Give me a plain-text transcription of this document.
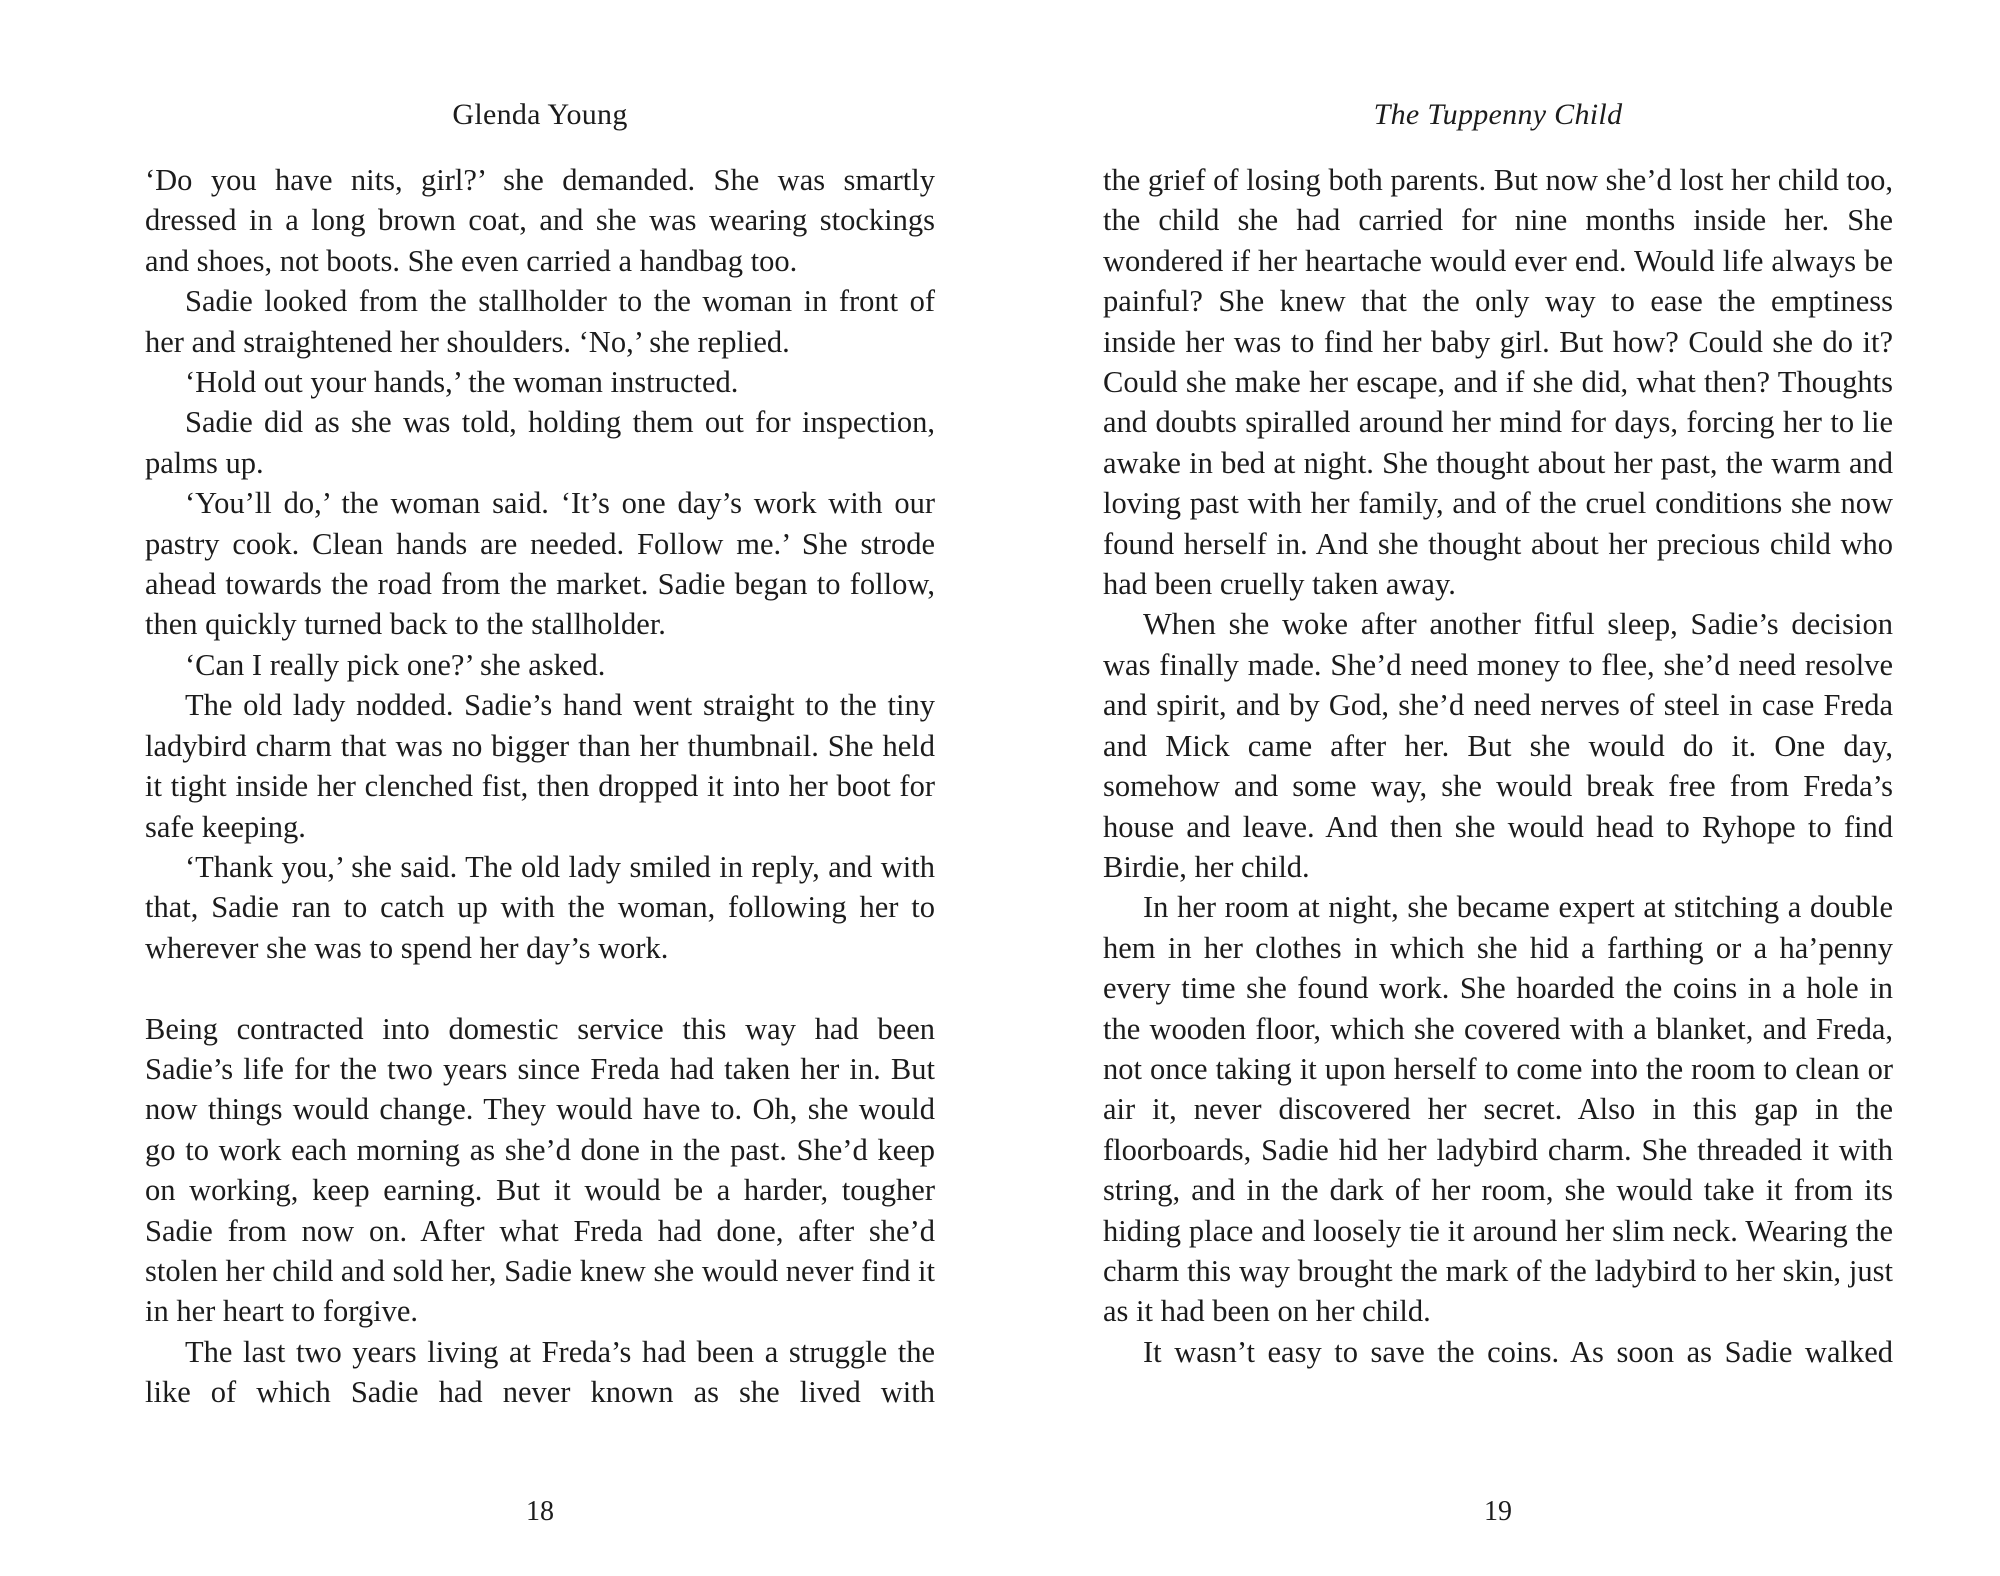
Glenda Young

‘Do you have nits, girl?’ she demanded. She was smartly dressed in a long brown coat, and she was wearing stockings and shoes, not boots. She even carried a handbag too.

Sadie looked from the stallholder to the woman in front of her and straightened her shoulders. ‘No,’ she replied.

‘Hold out your hands,’ the woman instructed.

Sadie did as she was told, holding them out for inspection, palms up.

‘You’ll do,’ the woman said. ‘It’s one day’s work with our pastry cook. Clean hands are needed. Follow me.’ She strode ahead towards the road from the market. Sadie began to follow, then quickly turned back to the stallholder.

‘Can I really pick one?’ she asked.

The old lady nodded. Sadie’s hand went straight to the tiny ladybird charm that was no bigger than her thumbnail. She held it tight inside her clenched fist, then dropped it into her boot for safe keeping.

‘Thank you,’ she said. The old lady smiled in reply, and with that, Sadie ran to catch up with the woman, following her to wherever she was to spend her day’s work.

Being contracted into domestic service this way had been Sadie’s life for the two years since Freda had taken her in. But now things would change. They would have to. Oh, she would go to work each morning as she’d done in the past. She’d keep on working, keep earning. But it would be a harder, tougher Sadie from now on. After what Freda had done, after she’d stolen her child and sold her, Sadie knew she would never find it in her heart to forgive.

The last two years living at Freda’s had been a struggle the like of which Sadie had never known as she lived with

18
The Tuppenny Child

the grief of losing both parents. But now she’d lost her child too, the child she had carried for nine months inside her. She wondered if her heartache would ever end. Would life always be painful? She knew that the only way to ease the emptiness inside her was to find her baby girl. But how? Could she do it? Could she make her escape, and if she did, what then? Thoughts and doubts spiralled around her mind for days, forcing her to lie awake in bed at night. She thought about her past, the warm and loving past with her family, and of the cruel conditions she now found herself in. And she thought about her precious child who had been cruelly taken away.

When she woke after another fitful sleep, Sadie’s decision was finally made. She’d need money to flee, she’d need resolve and spirit, and by God, she’d need nerves of steel in case Freda and Mick came after her. But she would do it. One day, somehow and some way, she would break free from Freda’s house and leave. And then she would head to Ryhope to find Birdie, her child.

In her room at night, she became expert at stitching a double hem in her clothes in which she hid a farthing or a ha’penny every time she found work. She hoarded the coins in a hole in the wooden floor, which she covered with a blanket, and Freda, not once taking it upon herself to come into the room to clean or air it, never discovered her secret. Also in this gap in the floorboards, Sadie hid her ladybird charm. She threaded it with string, and in the dark of her room, she would take it from its hiding place and loosely tie it around her slim neck. Wearing the charm this way brought the mark of the ladybird to her skin, just as it had been on her child.

It wasn’t easy to save the coins. As soon as Sadie walked

19
